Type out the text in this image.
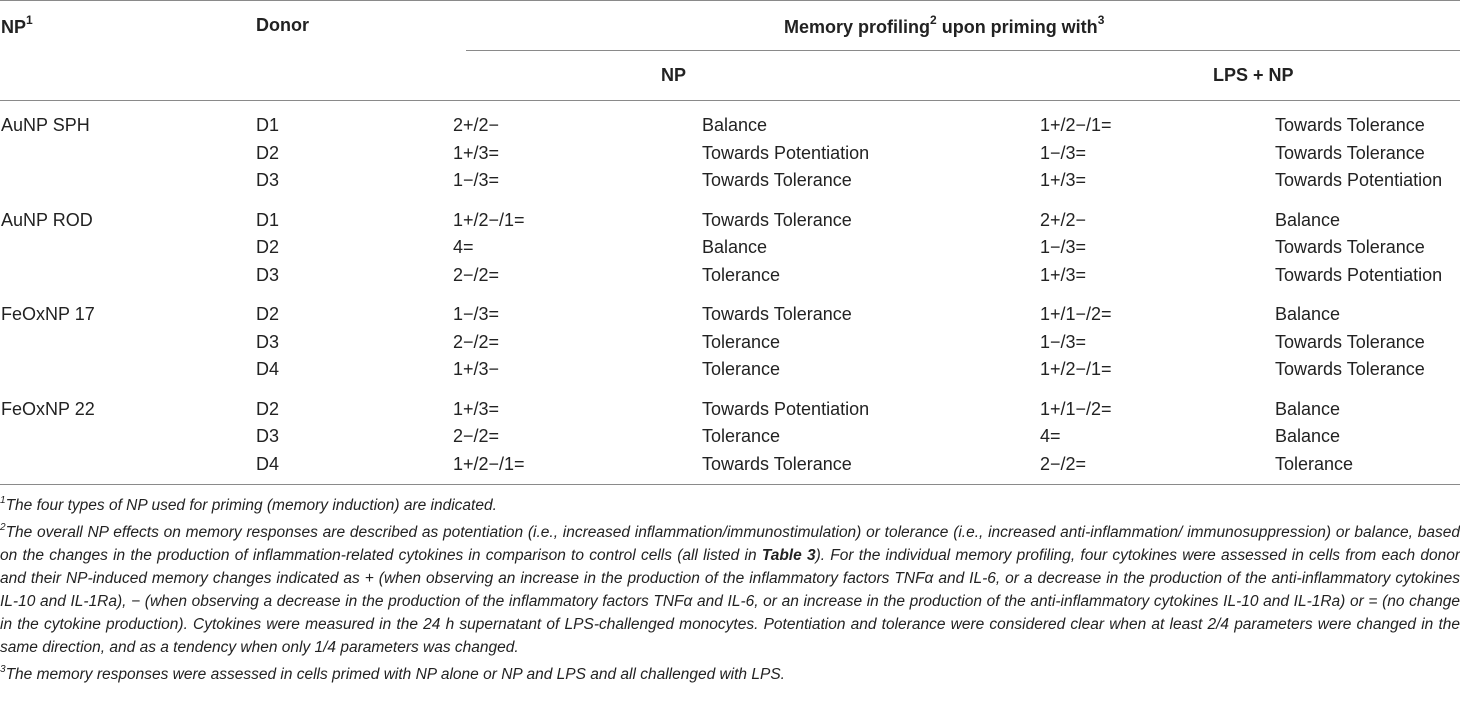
$NP^1$	Donor	Memory profiling$^2$ upon priming with$^3$
NP	LPS + NP
AuNP SPH	D1	2+/2−	Balance	1+/2−/1=	Towards Tolerance
D2	1+/3=	Towards Potentiation	1−/3=	Towards Tolerance
D3	1−/3=	Towards Tolerance	1+/3=	Towards Potentiation
AuNP ROD	D1	1+/2−/1=	Towards Tolerance	2+/2−	Balance
D2	4=	Balance	1−/3=	Towards Tolerance
D3	2−/2=	Tolerance	1+/3=	Towards Potentiation
FeOxNP 17	D2	1−/3=	Towards Tolerance	1+/1−/2=	Balance
D3	2−/2=	Tolerance	1−/3=	Towards Tolerance
D4	1+/3−	Tolerance	1+/2−/1=	Towards Tolerance
FeOxNP 22	D2	1+/3=	Towards Potentiation	1+/1−/2=	Balance
D3	2−/2=	Tolerance	4=	Balance
D4	1+/2−/1=	Towards Tolerance	2−/2=	Tolerance

$^1$The four types of NP used for priming (memory induction) are indicated.

$^2$The overall NP effects on memory responses are described as potentiation (i.e., increased inflammation/immunostimulation) or tolerance (i.e., increased anti-inflammation/ immunosuppression) or balance, based on the changes in the production of inflammation-related cytokines in comparison to control cells (all listed in Table 3). For the individual memory profiling, four cytokines were assessed in cells from each donor and their NP-induced memory changes indicated as + (when observing an increase in the production of the inflammatory factors TNFα and IL-6, or a decrease in the production of the anti-inflammatory cytokines IL-10 and IL-1Ra), − (when observing a decrease in the production of the inflammatory factors TNFα and IL-6, or an increase in the production of the anti-inflammatory cytokines IL-10 and IL-1Ra) or = (no change in the cytokine production). Cytokines were measured in the 24 h supernatant of LPS-challenged monocytes. Potentiation and tolerance were considered clear when at least 2/4 parameters were changed in the same direction, and as a tendency when only 1/4 parameters was changed.

$^3$The memory responses were assessed in cells primed with NP alone or NP and LPS and all challenged with LPS.
